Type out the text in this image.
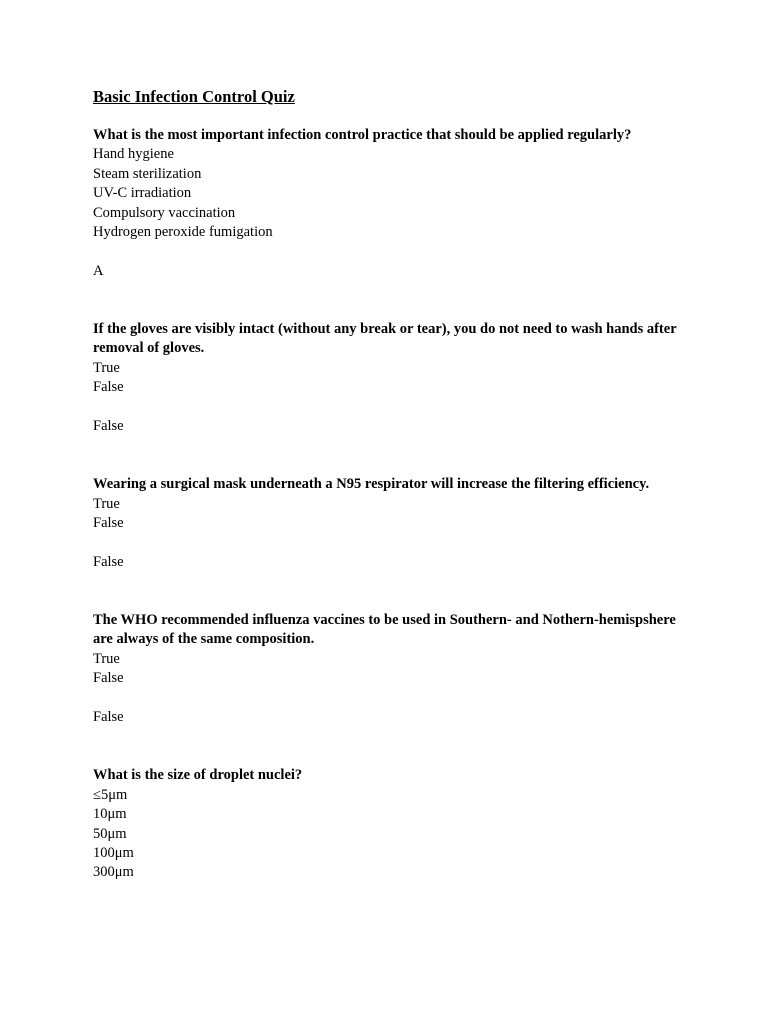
Basic Infection Control Quiz

What is the most important infection control practice that should be applied regularly?

Hand hygiene
Steam sterilization
UV-C irradiation
Compulsory vaccination
Hydrogen peroxide fumigation
A

If the gloves are visibly intact (without any break or tear), you do not need to wash hands after removal of gloves.

True
False
False

Wearing a surgical mask underneath a N95 respirator will increase the filtering efficiency.

True
False
False

The WHO recommended influenza vaccines to be used in Southern- and Nothern-hemispshere are always of the same composition.

True
False
False

What is the size of droplet nuclei?

≤5μm
10μm
50μm
100μm
300μm
